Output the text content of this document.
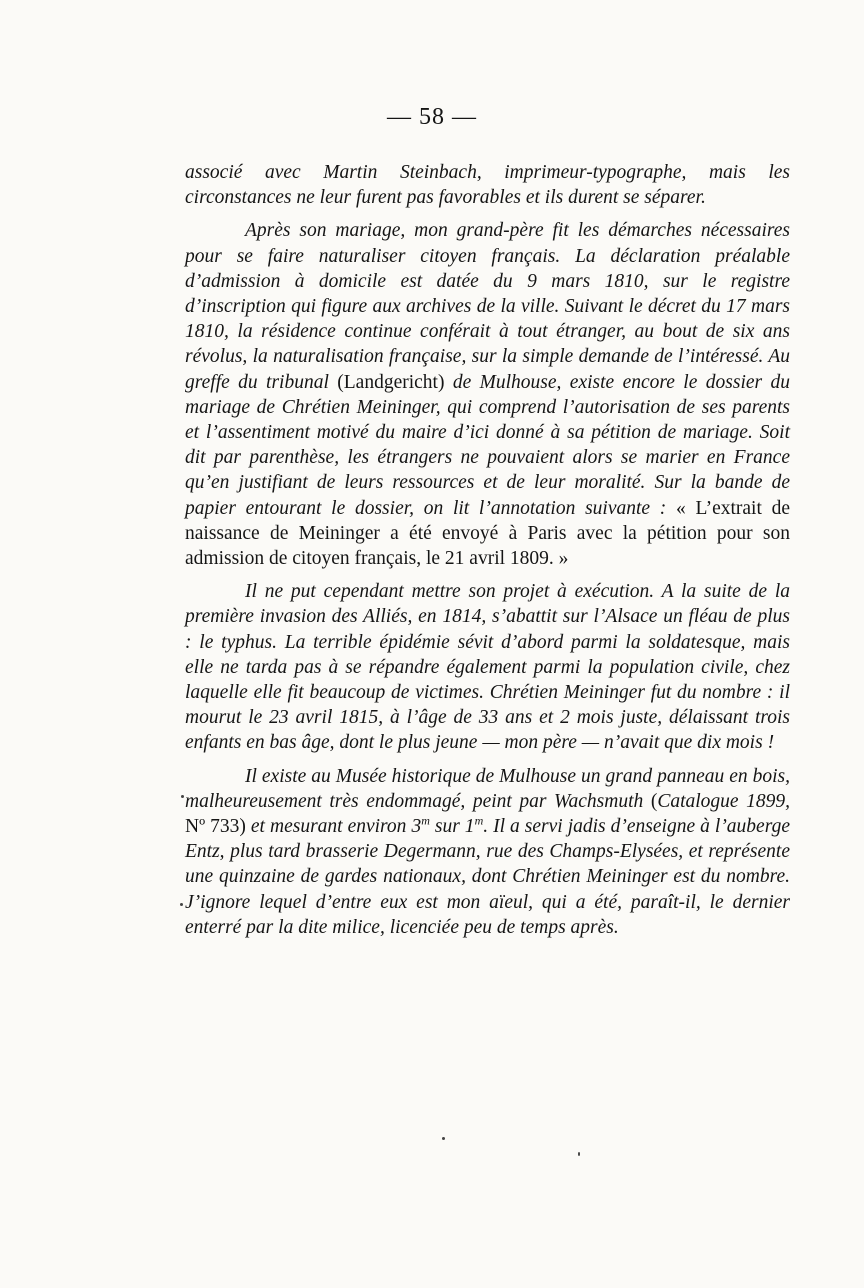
— 58 —

associé avec Martin Steinbach, imprimeur-typographe, mais les circonstances ne leur furent pas favorables et ils durent se séparer.

Après son mariage, mon grand-père fit les démarches nécessaires pour se faire naturaliser citoyen français. La déclaration préalable d’admission à domicile est datée du 9 mars 1810, sur le registre d’inscription qui figure aux archives de la ville. Suivant le décret du 17 mars 1810, la résidence continue conférait à tout étranger, au bout de six ans révolus, la naturalisation française, sur la simple demande de l’intéressé. Au greffe du tribunal (Landgericht) de Mulhouse, existe encore le dossier du mariage de Chrétien Meininger, qui comprend l’autorisation de ses parents et l’assentiment motivé du maire d’ici donné à sa pétition de mariage. Soit dit par parenthèse, les étrangers ne pouvaient alors se marier en France qu’en justifiant de leurs ressources et de leur moralité. Sur la bande de papier entourant le dossier, on lit l’annotation suivante : « L’extrait de naissance de Meininger a été envoyé à Paris avec la pétition pour son admission de citoyen français, le 21 avril 1809. »

Il ne put cependant mettre son projet à exécution. A la suite de la première invasion des Alliés, en 1814, s’abattit sur l’Alsace un fléau de plus : le typhus. La terrible épidémie sévit d’abord parmi la soldatesque, mais elle ne tarda pas à se répandre également parmi la population civile, chez laquelle elle fit beaucoup de victimes. Chrétien Meininger fut du nombre : il mourut le 23 avril 1815, à l’âge de 33 ans et 2 mois juste, délaissant trois enfants en bas âge, dont le plus jeune — mon père — n’avait que dix mois !

Il existe au Musée historique de Mulhouse un grand panneau en bois, malheureusement très endommagé, peint par Wachsmuth (Catalogue 1899, Nº 733) et mesurant environ 3$^m$ sur 1$^m$. Il a servi jadis d’enseigne à l’auberge Entz, plus tard brasserie Degermann, rue des Champs-Elysées, et représente une quinzaine de gardes nationaux, dont Chrétien Meininger est du nombre. J’ignore lequel d’entre eux est mon aïeul, qui a été, paraît-il, le dernier enterré par la dite milice, licenciée peu de temps après.
